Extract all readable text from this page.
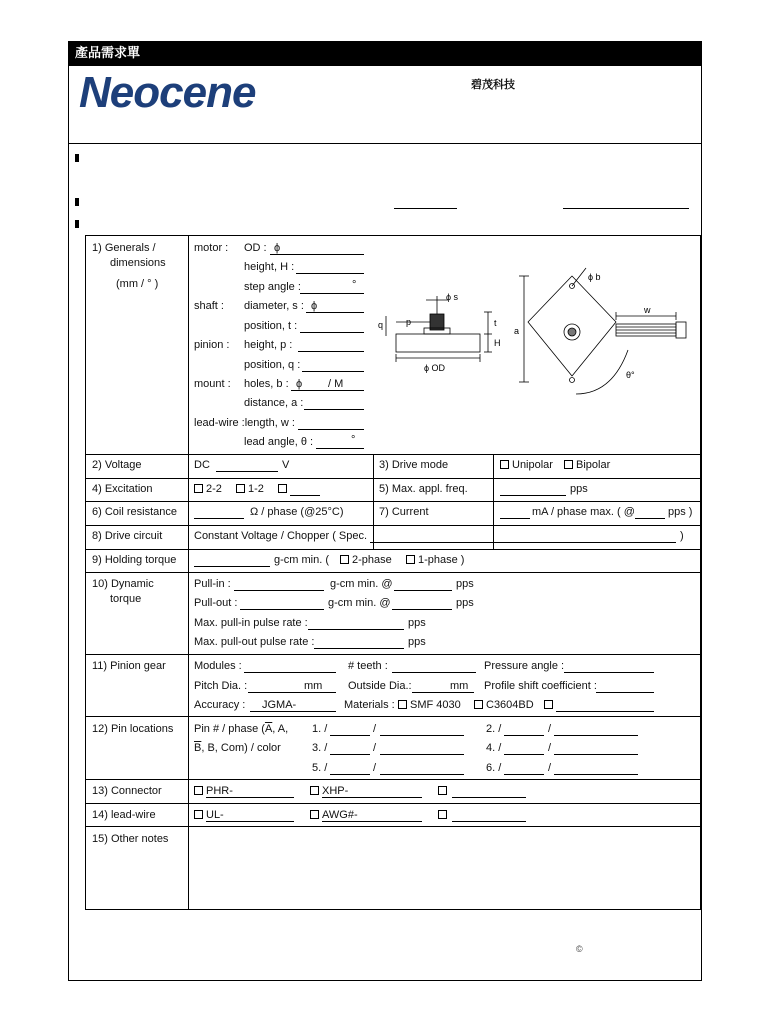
產品需求單
Neocene	碧茂科技
1) Generals /
dimensions
(mm / ° )
motor : OD : ϕ
height, H :
step angle :	°
shaft : diameter, s : ϕ
position, t :
pinion : height, p :
position, q :
mount : holes, b : ϕ / M
distance, a :
lead-wire :length, w :
lead angle, θ :	°
ϕ s
p
q	t
H
ϕ OD
ϕ b
a
w
θ°
2) Voltage	DC	V	3) Drive mode	Unipolar	Bipolar
4) Excitation	2-2	1-2	5) Max. appl. freq.	pps
6) Coil resistance	Ω / phase (@25°C)	7) Current	mA / phase max. ( @	pps )
8) Drive circuit	Constant Voltage / Chopper ( Spec.	)
9) Holding torque	g-cm min. (	2-phase	1-phase )
10) Dynamic
torque
Pull-in :	g-cm min. @	pps
Pull-out :	g-cm min. @	pps
Max. pull-in pulse rate :	pps
Max. pull-out pulse rate :	pps
11) Pinion gear	Modules :	# teeth :	Pressure angle :
Pitch Dia. :	mm Outside Dia.:	mm Profile shift coefficient :
Accuracy : JGMA-	Materials :	SMF 4030	C3604BD
12) Pin locations Pin # / phase ($\overline{A}$, A,
$\overline{B}$, B, Com) / color
1. /	/	2. /	/
3. /	/	4. /	/
5. /	/	6. /	/
13) Connector	PHR-	XHP-
14) lead-wire	UL-	AWG#-
15) Other notes
©
